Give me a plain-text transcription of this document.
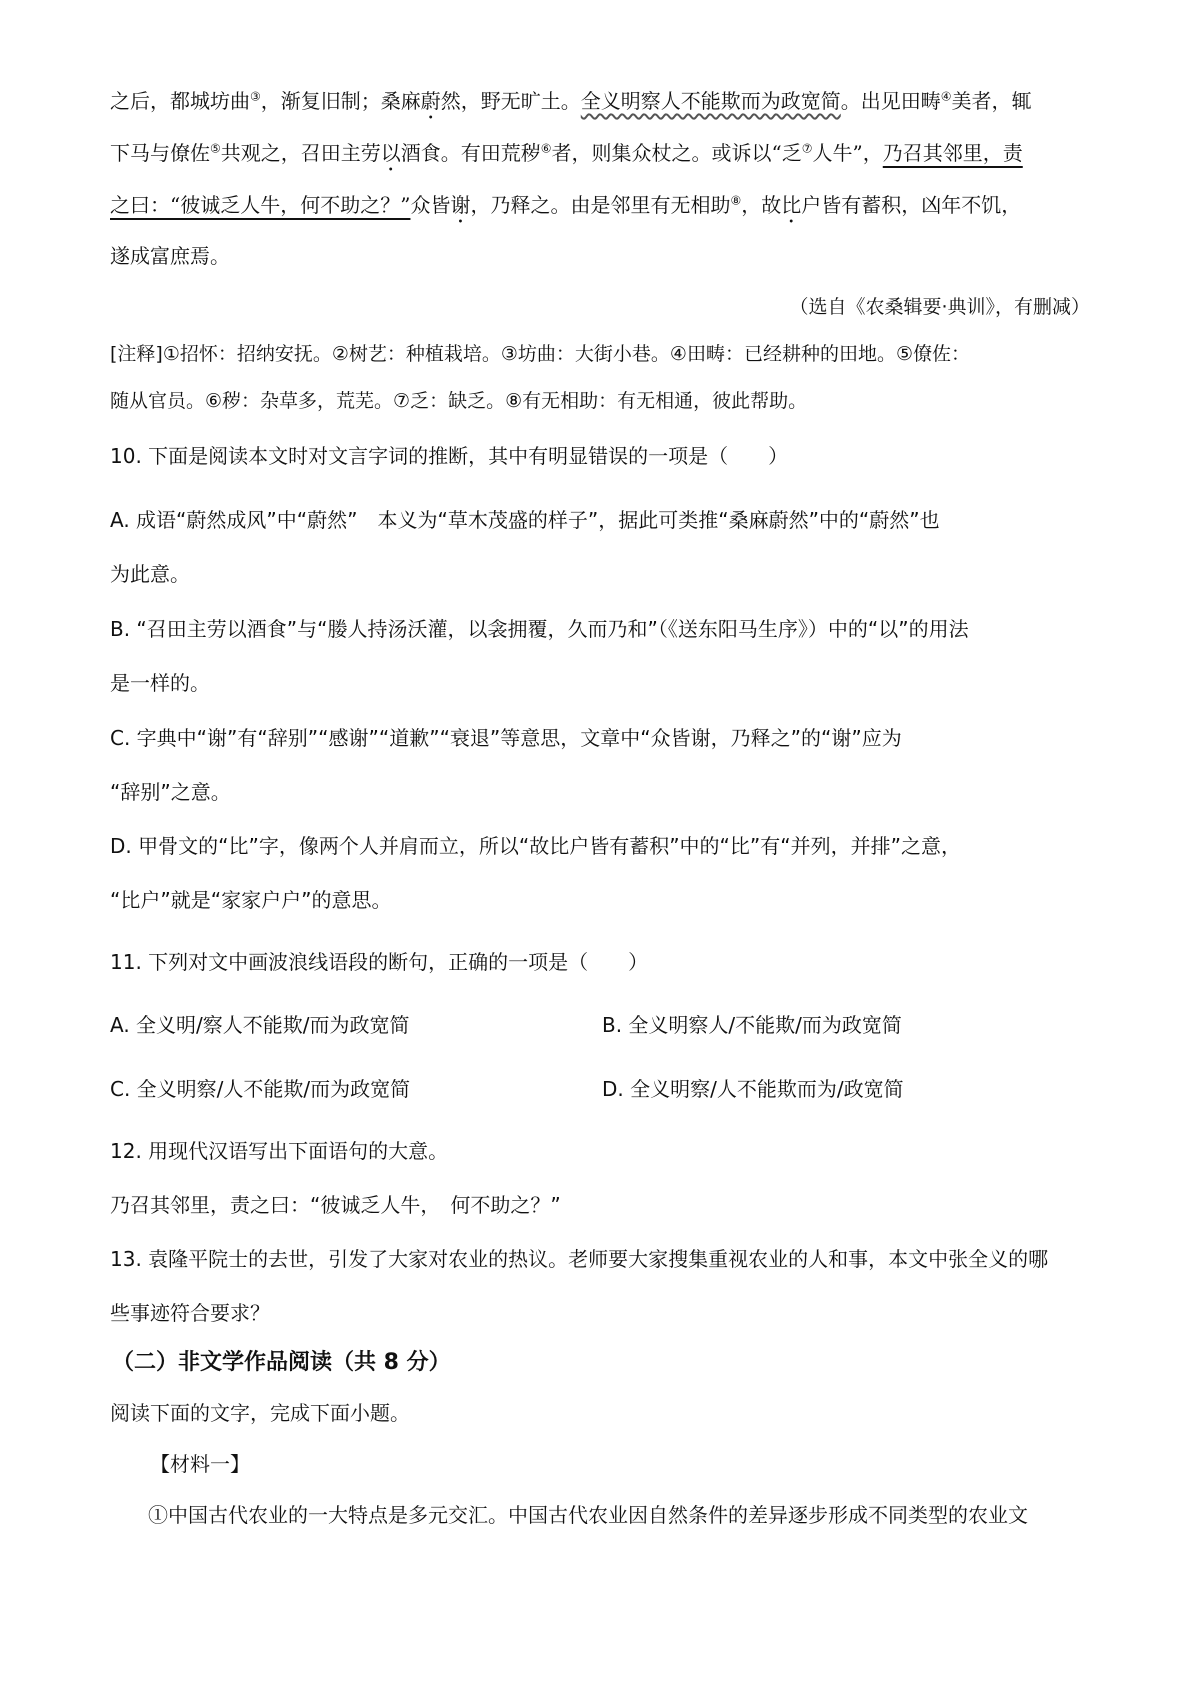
之后，都城坊曲③，渐复旧制；桑麻蔚然，野无旷土。全义明察人不能欺而为政宽简。出见田畴④美者，辄
下马与僚佐⑤共观之，召田主劳以酒食。有田荒秽⑥者，则集众杖之。或诉以“乏⑦人牛”，乃召其邻里，责
之曰：“彼诚乏人牛，何不助之？”众皆谢，乃释之。由是邻里有无相助⑧，故比户皆有蓄积，凶年不饥，
遂成富庶焉。
（选自《农桑辑要·典训》，有删减）
[注释]①招怀：招纳安抚。②树艺：种植栽培。③坊曲：大街小巷。④田畴：已经耕种的田地。⑤僚佐：
随从官员。⑥秽：杂草多，荒芜。⑦乏：缺乏。⑧有无相助：有无相通，彼此帮助。
10. 下面是阅读本文时对文言字词的推断，其中有明显错误的一项是（　　）
A. 成语“蔚然成风”中“蔚然”　本义为“草木茂盛的样子”，据此可类推“桑麻蔚然”中的“蔚然”也
为此意。
B. “召田主劳以酒食”与“媵人持汤沃灌，以衾拥覆，久而乃和”（《送东阳马生序》）中的“以”的用法
是一样的。
C. 字典中“谢”有“辞别”“感谢”“道歉”“衰退”等意思，文章中“众皆谢，乃释之”的“谢”应为
“辞别”之意。
D. 甲骨文的“比”字，像两个人并肩而立，所以“故比户皆有蓄积”中的“比”有“并列，并排”之意，
“比户”就是“家家户户”的意思。
11. 下列对文中画波浪线语段的断句，正确的一项是（　　）
A. 全义明/察人不能欺/而为政宽简	B. 全义明察人/不能欺/而为政宽简
C. 全义明察/人不能欺/而为政宽简	D. 全义明察/人不能欺而为/政宽简
12. 用现代汉语写出下面语句的大意。
乃召其邻里，责之曰：“彼诚乏人牛，　何不助之？”
13. 袁隆平院士的去世，引发了大家对农业的热议。老师要大家搜集重视农业的人和事，本文中张全义的哪
些事迹符合要求？
（二）非文学作品阅读（共 8 分）
阅读下面的文字，完成下面小题。
【材料一】
①中国古代农业的一大特点是多元交汇。中国古代农业因自然条件的差异逐步形成不同类型的农业文
